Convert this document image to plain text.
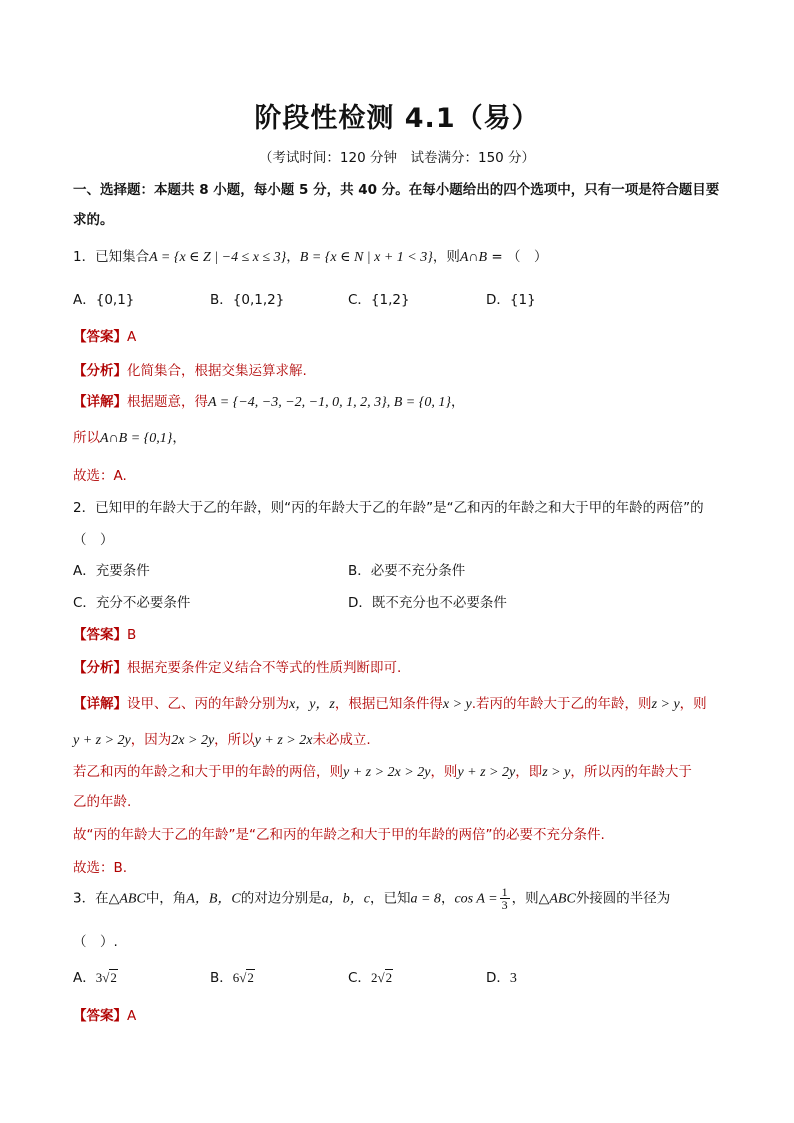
阶段性检测 4.1（易）
（考试时间：120 分钟　试卷满分：150 分）
一、选择题：本题共 8 小题，每小题 5 分，共 40 分。在每小题给出的四个选项中，只有一项是符合题目要
求的。
1．已知集合A = {x ∈ Z | −4 ≤ x ≤ 3}，B = {x ∈ N | x + 1 < 3}，则A∩B = （　）
A．{0,1}	B．{0,1,2}	C．{1,2}	D．{1}
【答案】A
【分析】化简集合，根据交集运算求解.
【详解】根据题意，得A = {−4, −3, −2, −1, 0, 1, 2, 3}, B = {0, 1}，
所以A∩B = {0,1}，
故选：A.
2．已知甲的年龄大于乙的年龄，则“丙的年龄大于乙的年龄”是“乙和丙的年龄之和大于甲的年龄的两倍”的
（　）
A．充要条件	B．必要不充分条件
C．充分不必要条件	D．既不充分也不必要条件
【答案】B
【分析】根据充要条件定义结合不等式的性质判断即可.
【详解】设甲、乙、丙的年龄分别为x，y，z，根据已知条件得x > y.若丙的年龄大于乙的年龄，则z > y，则
y + z > 2y，因为2x > 2y，所以y + z > 2x未必成立.
若乙和丙的年龄之和大于甲的年龄的两倍，则y + z > 2x > 2y，则y + z > 2y，即z > y，所以丙的年龄大于
乙的年龄.
故“丙的年龄大于乙的年龄”是“乙和丙的年龄之和大于甲的年龄的两倍”的必要不充分条件.
故选：B.
3．在△ABC中，角A，B，C的对边分别是a，b，c，已知a = 8，$\cos A = \frac{1}{3}$ ，则△ABC外接圆的半径为
（　）.
A．3√2	B．6√2	C．2√2	D．3
【答案】A
